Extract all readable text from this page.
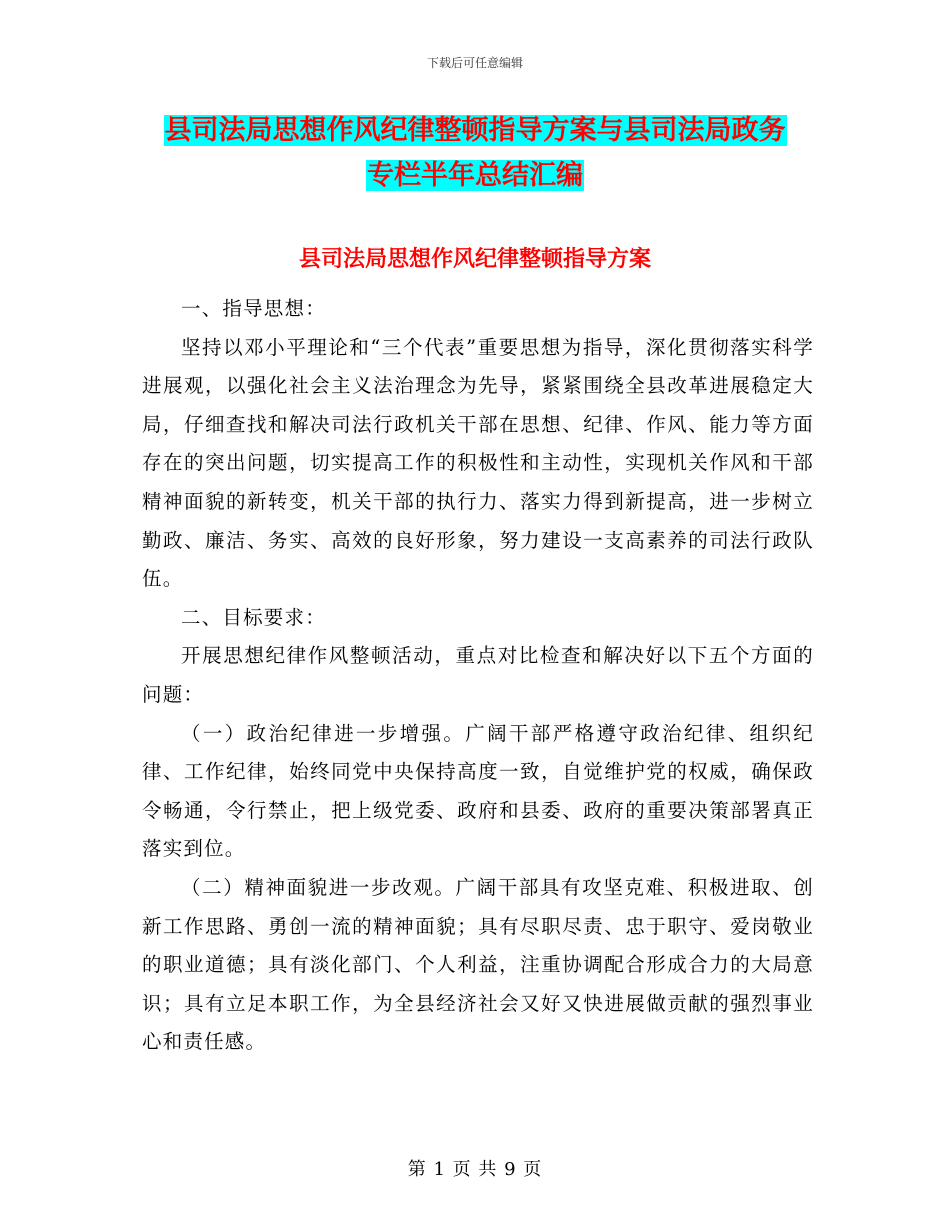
下载后可任意编辑
县司法局思想作风纪律整顿指导方案与县司法局政务
专栏半年总结汇编
县司法局思想作风纪律整顿指导方案

一、指导思想：

坚持以邓小平理论和“三个代表”重要思想为指导，深化贯彻落实科学进展观，以强化社会主义法治理念为先导，紧紧围绕全县改革进展稳定大局，仔细查找和解决司法行政机关干部在思想、纪律、作风、能力等方面存在的突出问题，切实提高工作的积极性和主动性，实现机关作风和干部精神面貌的新转变，机关干部的执行力、落实力得到新提高，进一步树立勤政、廉洁、务实、高效的良好形象，努力建设一支高素养的司法行政队伍。

二、目标要求：

开展思想纪律作风整顿活动，重点对比检查和解决好以下五个方面的问题：

（一）政治纪律进一步增强。广阔干部严格遵守政治纪律、组织纪律、工作纪律，始终同党中央保持高度一致，自觉维护党的权威，确保政令畅通，令行禁止，把上级党委、政府和县委、政府的重要决策部署真正落实到位。

（二）精神面貌进一步改观。广阔干部具有攻坚克难、积极进取、创新工作思路、勇创一流的精神面貌；具有尽职尽责、忠于职守、爱岗敬业的职业道德；具有淡化部门、个人利益，注重协调配合形成合力的大局意识；具有立足本职工作，为全县经济社会又好又快进展做贡献的强烈事业心和责任感。

第 1 页 共 9 页
